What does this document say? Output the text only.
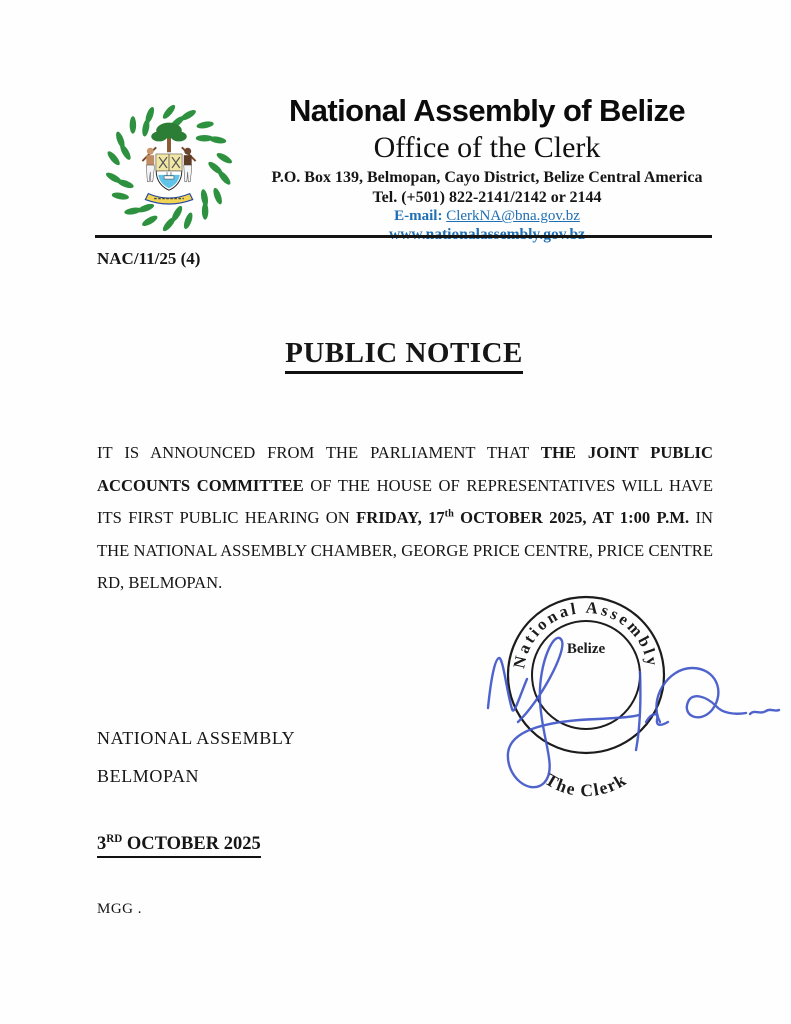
National Assembly of Belize
Office of the Clerk
P.O. Box 139, Belmopan, Cayo District, Belize Central America
Tel. (+501) 822-2141/2142 or 2144
E-mail: ClerkNA@bna.gov.bz
NAC/11/25 (4)
PUBLIC NOTICE

IT IS ANNOUNCED FROM THE PARLIAMENT THAT THE JOINT PUBLIC ACCOUNTS COMMITTEE OF THE HOUSE OF REPRESENTATIVES WILL HAVE ITS FIRST PUBLIC HEARING ON FRIDAY, 17th OCTOBER 2025, AT 1:00 P.M. IN THE NATIONAL ASSEMBLY CHAMBER, GEORGE PRICE CENTRE, PRICE CENTRE RD, BELMOPAN.

National Assembly
The Clerk
Belize
NATIONAL ASSEMBLY
BELMOPAN
3RD OCTOBER 2025
MGG .
